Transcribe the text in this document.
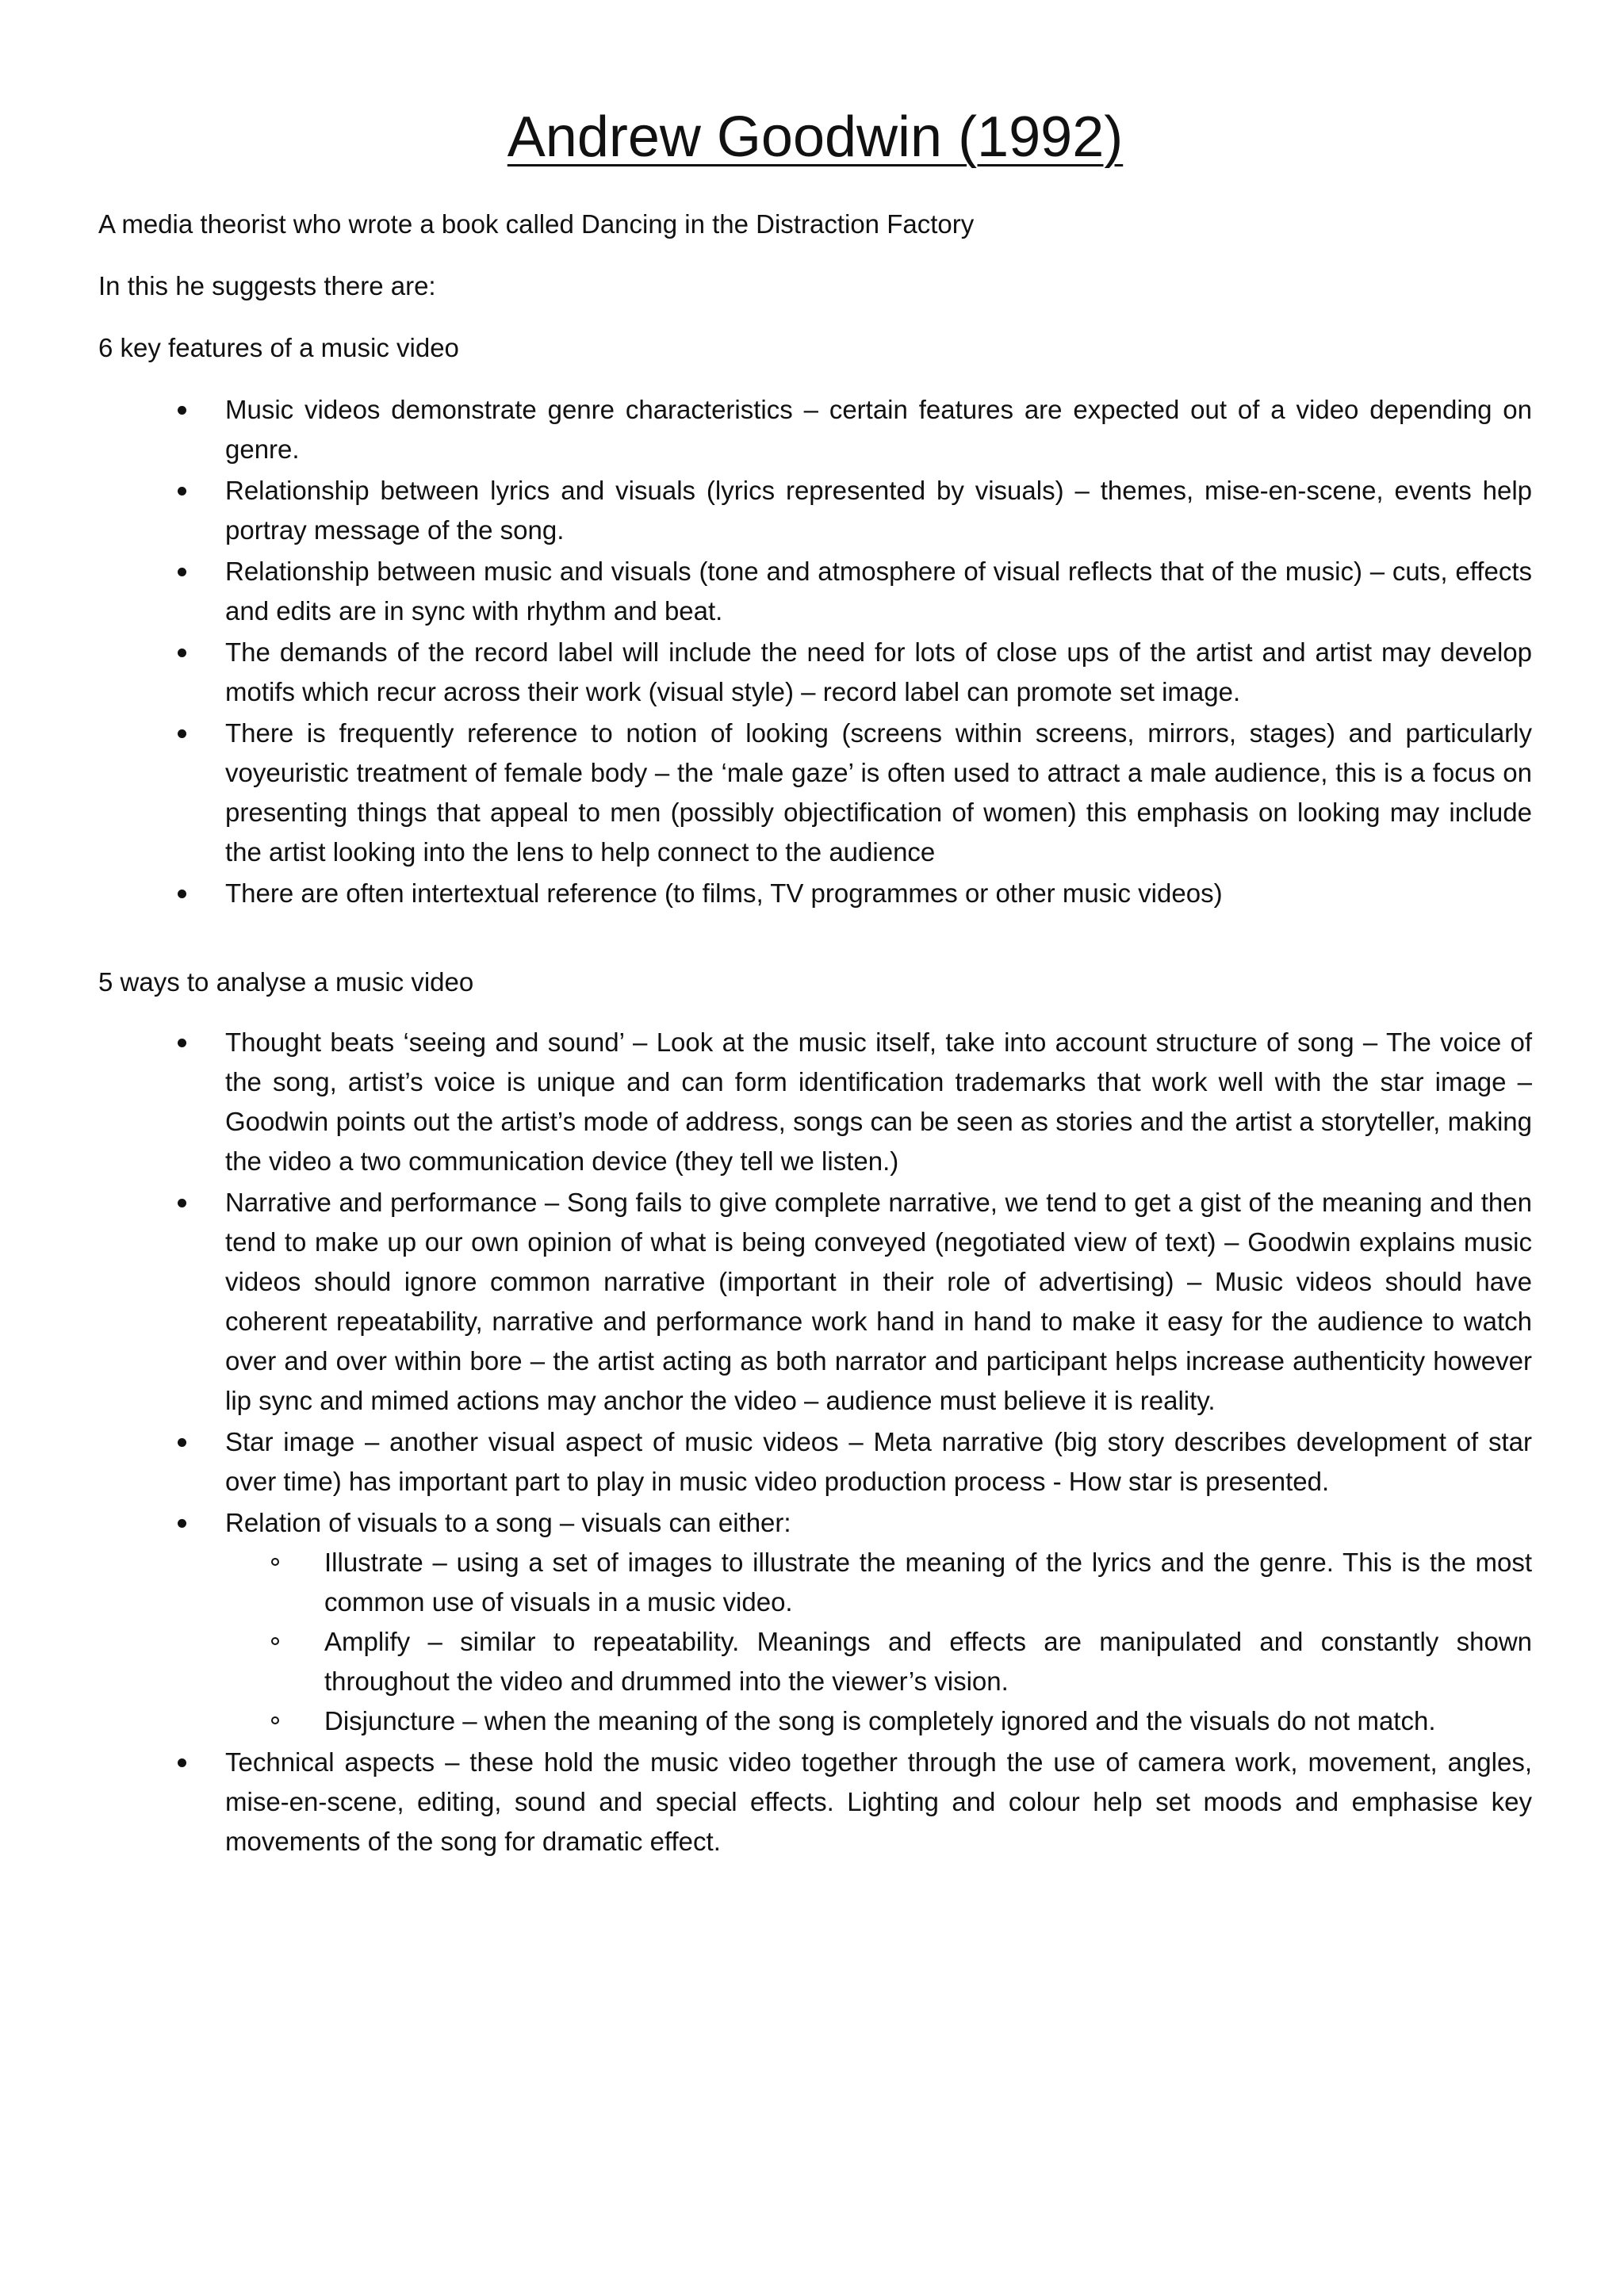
Andrew Goodwin (1992)

A media theorist who wrote a book called Dancing in the Distraction Factory

In this he suggests there are:

6 key features of a music video

Music videos demonstrate genre characteristics – certain features are expected out of a video depending on genre.
Relationship between lyrics and visuals (lyrics represented by visuals) – themes, mise-en-scene, events help portray message of the song.
Relationship between music and visuals (tone and atmosphere of visual reflects that of the music) – cuts, effects and edits are in sync with rhythm and beat.
The demands of the record label will include the need for lots of close ups of the artist and artist may develop motifs which recur across their work (visual style) – record label can promote set image.
There is frequently reference to notion of looking (screens within screens, mirrors, stages) and particularly voyeuristic treatment of female body – the ‘male gaze’ is often used to attract a male audience, this is a focus on presenting things that appeal to men (possibly objectification of women) this emphasis on looking may include the artist looking into the lens to help connect to the audience
There are often intertextual reference (to films, TV programmes or other music videos)

5 ways to analyse a music video

Thought beats ‘seeing and sound’ – Look at the music itself, take into account structure of song – The voice of the song, artist’s voice is unique and can form identification trademarks that work well with the star image – Goodwin points out the artist’s mode of address, songs can be seen as stories and the artist a storyteller, making the video a two communication device (they tell we listen.)
Narrative and performance – Song fails to give complete narrative, we tend to get a gist of the meaning and then tend to make up our own opinion of what is being conveyed (negotiated view of text) – Goodwin explains music videos should ignore common narrative (important in their role of advertising) – Music videos should have coherent repeatability, narrative and performance work hand in hand to make it easy for the audience to watch over and over within bore – the artist acting as both narrator and participant helps increase authenticity however lip sync and mimed actions may anchor the video – audience must believe it is reality.
Star image – another visual aspect of music videos – Meta narrative (big story describes development of star over time) has important part to play in music video production process - How star is presented.
Relation of visuals to a song – visuals can either:
Illustrate – using a set of images to illustrate the meaning of the lyrics and the genre. This is the most common use of visuals in a music video.
Amplify – similar to repeatability. Meanings and effects are manipulated and constantly shown throughout the video and drummed into the viewer’s vision.
Disjuncture – when the meaning of the song is completely ignored and the visuals do not match.
Technical aspects – these hold the music video together through the use of camera work, movement, angles, mise-en-scene, editing, sound and special effects. Lighting and colour help set moods and emphasise key movements of the song for dramatic effect.
